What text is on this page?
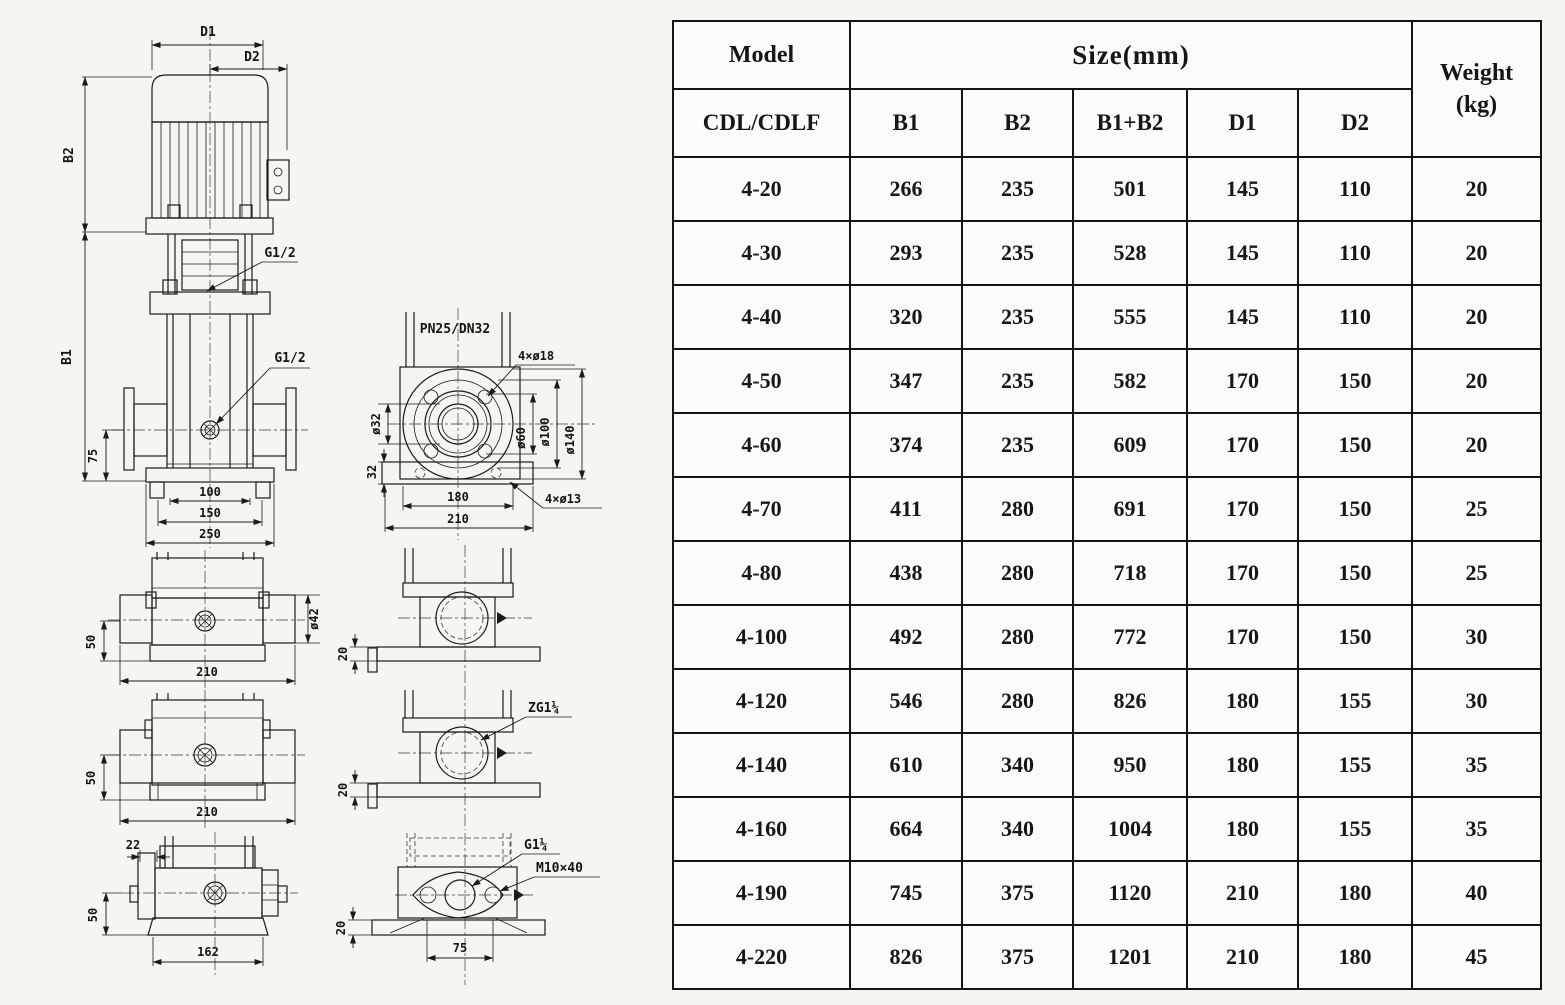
D1
D2
B2
B1
75
G1/2
G1/2
100
150
250
PN25/DN32
4×ø18
ø32
ø60 ø100 ø140
32
180
210
4×ø13
50
210
ø42
20
50
210
ZG1¼
20
22
50
162
G1¼
M10×40
75
20
Model	Size(mm)					Weight
(kg)

CDL/CDLF	B1	B2	B1+B2	D1	D2	
4-20	266	235	501	145	110	20
4-30	293	235	528	145	110	20
4-40	320	235	555	145	110	20
4-50	347	235	582	170	150	20
4-60	374	235	609	170	150	20
4-70	411	280	691	170	150	25
4-80	438	280	718	170	150	25
4-100	492	280	772	170	150	30
4-120	546	280	826	180	155	30
4-140	610	340	950	180	155	35
4-160	664	340	1004	180	155	35
4-190	745	375	1120	210	180	40
4-220	826	375	1201	210	180	45
